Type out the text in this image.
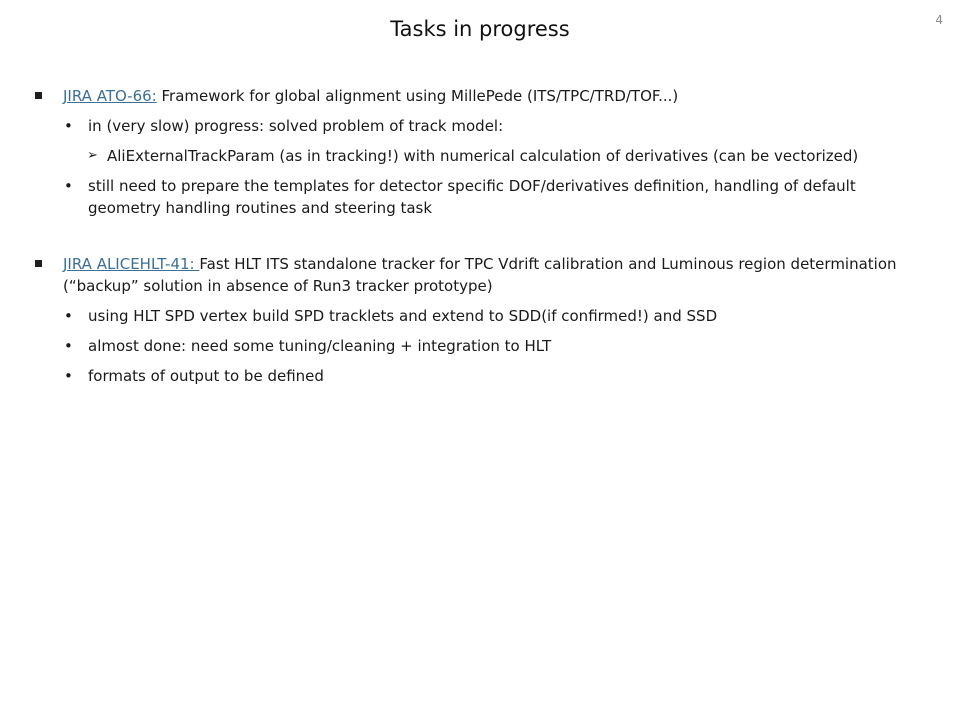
Tasks in progress	4
JIRA ATO-66: Framework for global alignment using MillePede (ITS/TPC/TRD/TOF...)
• in (very slow) progress: solved problem of track model:
➢ AliExternalTrackParam (as in tracking!) with numerical calculation of derivatives (can be vectorized)
• still need to prepare the templates for detector specific DOF/derivatives definition, handling of default geometry handling routines and steering task
JIRA ALICEHLT-41: Fast HLT ITS standalone tracker for TPC Vdrift calibration and Luminous region determination (“backup” solution in absence of Run3 tracker prototype)
• using HLT SPD vertex build SPD tracklets and extend to SDD(if confirmed!) and SSD
• almost done: need some tuning/cleaning + integration to HLT
• formats of output to be defined
